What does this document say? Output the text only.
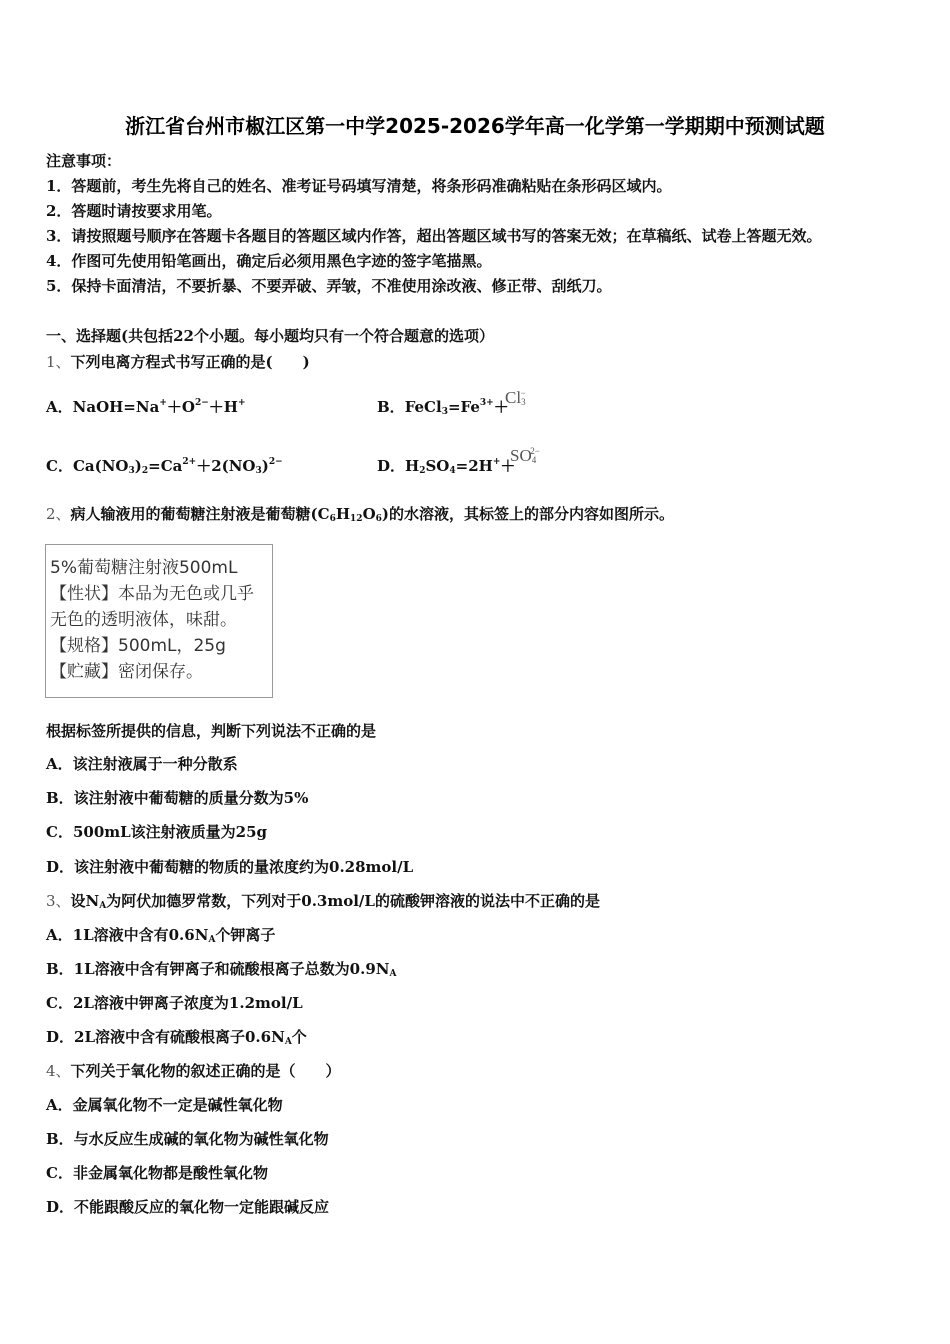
浙江省台州市椒江区第一中学2025-2026学年高一化学第一学期期中预测试题
注意事项：
1．答题前，考生先将自己的姓名、准考证号码填写清楚，将条形码准确粘贴在条形码区域内。
2．答题时请按要求用笔。
3．请按照题号顺序在答题卡各题目的答题区域内作答，超出答题区域书写的答案无效；在草稿纸、试卷上答题无效。
4．作图可先使用铅笔画出，确定后必须用黑色字迹的签字笔描黑。
5．保持卡面清洁，不要折暴、不要弄破、弄皱，不准使用涂改液、修正带、刮纸刀。
一、选择题(共包括22个小题。每小题均只有一个符合题意的选项）
1、下列电离方程式书写正确的是(　　)
A．$NaOH=Na^++O^{2-}+H^+$	B．$FeCl_3=Fe^{3+}+$
$Cl_3^-$
C．$Ca(NO_3)_2=Ca^{2+}+2(NO_3)^{2-}$	D．$H_2SO_4=2H^++$
$SO_4^{2-}$
2、病人输液用的葡萄糖注射液是葡萄糖$(C_6H_{12}O_6)$的水溶液，其标签上的部分内容如图所示。
5%葡萄糖注射液500mL
【性状】本品为无色或几乎
无色的透明液体，味甜。
【规格】500mL，25g
【贮藏】密闭保存。
根据标签所提供的信息，判断下列说法不正确的是
A．该注射液属于一种分散系
B．该注射液中葡萄糖的质量分数为5%
C．500mL该注射液质量为25g
D．该注射液中葡萄糖的物质的量浓度约为0.28mol/L
3、设$N_A$为阿伏加德罗常数，下列对于0.3mol/L的硫酸钾溶液的说法中不正确的是
A．1L溶液中含有$0.6N_A$个钾离子
B．1L溶液中含有钾离子和硫酸根离子总数为$0.9N_A$
C．2L溶液中钾离子浓度为1.2mol/L
D．2L溶液中含有硫酸根离子$0.6N_A$个
4、下列关于氧化物的叙述正确的是（　　）
A．金属氧化物不一定是碱性氧化物
B．与水反应生成碱的氧化物为碱性氧化物
C．非金属氧化物都是酸性氧化物
D．不能跟酸反应的氧化物一定能跟碱反应
